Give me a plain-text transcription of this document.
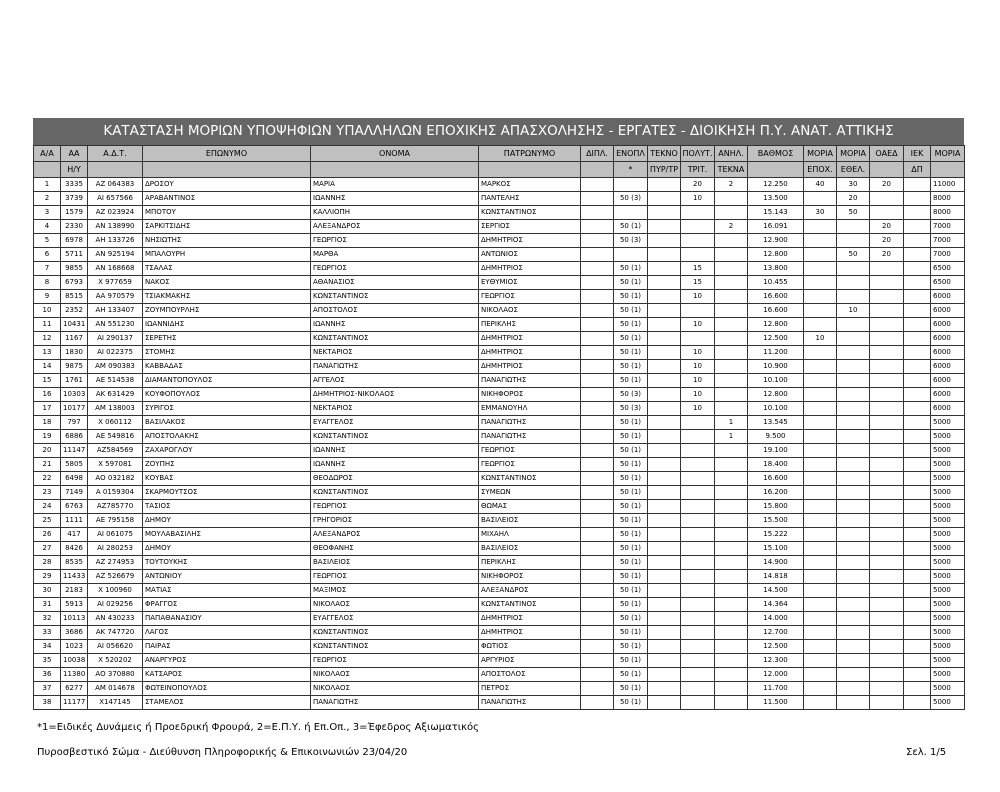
ΚΑΤΑΣΤΑΣΗ ΜΟΡΙΩΝ ΥΠΟΨΗΦΙΩΝ ΥΠΑΛΛΗΛΩΝ ΕΠΟΧΙΚΗΣ ΑΠΑΣΧΟΛΗΣΗΣ - ΕΡΓΑΤΕΣ - ΔΙΟΙΚΗΣΗ Π.Υ. ΑΝΑΤ. ΑΤΤΙΚΗΣ
Α/Α	ΑΑ	Α.Δ.Τ.	ΕΠΩΝΥΜΟ	ΟΝΟΜΑ	ΠΑΤΡΩΝΥΜΟ	ΔΙΠΛ.	ΕΝΟΠΛ	ΤΕΚΝΟ	ΠΟΛΥΤ.	ΑΝΗΛ.	ΒΑΘΜΟΣ	ΜΟΡΙΑ	ΜΟΡΙΑ	ΟΑΕΔ	ΙΕΚ	ΜΟΡΙΑ
	Η/Υ						*	ΠΥΡ/ΤΡ	ΤΡΙΤ.	ΤΕΚΝΑ		ΕΠΟΧ.	ΕΘΕΛ.		ΔΠ	
1	3335	ΑΖ 064383	ΔΡΟΣΟΥ	ΜΑΡΙΑ	ΜΑΡΚΟΣ				20	2	12.250	40	30	20		11000
2	3739	ΑΙ 657566	ΑΡΑΒΑΝΤΙΝΟΣ	ΙΩΑΝΝΗΣ	ΠΑΝΤΕΛΗΣ		50 (3)		10		13.500		20			8000
3	1579	ΑΖ 023924	ΜΠΟΤΟΥ	ΚΑΛΛΙΟΠΗ	ΚΩΝΣΤΑΝΤΙΝΟΣ						15.143	30	50			8000
4	2330	ΑΝ 138990	ΣΑΡΚΙΤΣΙΔΗΣ	ΑΛΕΞΑΝΔΡΟΣ	ΣΕΡΓΙΟΣ		50 (1)			2	16.091			20		7000
5	6978	ΑΗ 133726	ΝΗΣΙΩΤΗΣ	ΓΕΩΡΓΙΟΣ	ΔΗΜΗΤΡΙΟΣ		50 (3)				12.900			20		7000
6	5711	ΑΝ 925194	ΜΠΑΛΟΥΡΗ	ΜΑΡΘΑ	ΑΝΤΩΝΙΟΣ						12.800		50	20		7000
7	9855	ΑΝ 168668	ΤΣΑΛΑΣ	ΓΕΩΡΓΙΟΣ	ΔΗΜΗΤΡΙΟΣ		50 (1)		15		13.800					6500
8	6793	Χ 977659	ΝΑΚΟΣ	ΑΘΑΝΑΣΙΟΣ	ΕΥΘΥΜΙΟΣ		50 (1)		15		10.455					6500
9	8515	ΑΑ 970579	ΤΣΙΑΚΜΑΚΗΣ	ΚΩΝΣΤΑΝΤΙΝΟΣ	ΓΕΩΡΓΙΟΣ		50 (1)		10		16.600					6000
10	2352	ΑΗ 133407	ΖΟΥΜΠΟΥΡΛΗΣ	ΑΠΟΣΤΟΛΟΣ	ΝΙΚΟΛΑΟΣ		50 (1)				16.600		10			6000
11	10431	ΑΝ 551230	ΙΩΑΝΝΙΔΗΣ	ΙΩΑΝΝΗΣ	ΠΕΡΙΚΛΗΣ		50 (1)		10		12.800					6000
12	1167	ΑΙ 290137	ΣΕΡΕΤΗΣ	ΚΩΝΣΤΑΝΤΙΝΟΣ	ΔΗΜΗΤΡΙΟΣ		50 (1)				12.500	10				6000
13	1830	ΑΙ 022375	ΣΤΟΜΗΣ	ΝΕΚΤΑΡΙΟΣ	ΔΗΜΗΤΡΙΟΣ		50 (1)		10		11.200					6000
14	9875	ΑΜ 090383	ΚΑΒΒΑΔΑΣ	ΠΑΝΑΓΙΩΤΗΣ	ΔΗΜΗΤΡΙΟΣ		50 (1)		10		10.900					6000
15	1761	ΑΕ 514538	ΔΙΑΜΑΝΤΟΠΟΥΛΟΣ	ΑΓΓΕΛΟΣ	ΠΑΝΑΓΙΩΤΗΣ		50 (1)		10		10.100					6000
16	10303	ΑΚ 631429	ΚΟΥΦΟΠΟΥΛΟΣ	ΔΗΜΗΤΡΙΟΣ-ΝΙΚΟΛΑΟΣ	ΝΙΚΗΦΟΡΟΣ		50 (3)		10		12.800					6000
17	10177	ΑΜ 138003	ΣΥΡΙΓΟΣ	ΝΕΚΤΑΡΙΟΣ	ΕΜΜΑΝΟΥΗΛ		50 (3)		10		10.100					6000
18	797	Χ 060112	ΒΑΣΙΛΑΚΟΣ	ΕΥΑΓΓΕΛΟΣ	ΠΑΝΑΓΙΩΤΗΣ		50 (1)			1	13.545					5000
19	6886	ΑΕ 549816	ΑΠΟΣΤΟΛΑΚΗΣ	ΚΩΝΣΤΑΝΤΙΝΟΣ	ΠΑΝΑΓΙΩΤΗΣ		50 (1)			1	9.500					5000
20	11147	ΑΖ584569	ΖΑΧΑΡΟΓΛΟΥ	ΙΩΑΝΝΗΣ	ΓΕΩΡΓΙΟΣ		50 (1)				19.100					5000
21	5805	Χ 597081	ΖΟΥΠΗΣ	ΙΩΑΝΝΗΣ	ΓΕΩΡΓΙΟΣ		50 (1)				18.400					5000
22	6498	ΑΟ 032182	ΚΟΥΒΑΣ	ΘΕΟΔΩΡΟΣ	ΚΩΝΣΤΑΝΤΙΝΟΣ		50 (1)				16.600					5000
23	7149	Α 0159304	ΣΚΑΡΜΟΥΤΣΟΣ	ΚΩΝΣΤΑΝΤΙΝΟΣ	ΣΥΜΕΩΝ		50 (1)				16.200					5000
24	6763	ΑΖ785770	ΤΑΣΙΟΣ	ΓΕΩΡΓΙΟΣ	ΘΩΜΑΣ		50 (1)				15.800					5000
25	1111	ΑΕ 795158	ΔΗΜΟΥ	ΓΡΗΓΟΡΙΟΣ	ΒΑΣΙΛΕΙΟΣ		50 (1)				15.500					5000
26	417	ΑΙ 061075	ΜΟΥΛΑΒΑΣΙΛΗΣ	ΑΛΕΞΑΝΔΡΟΣ	ΜΙΧΑΗΛ		50 (1)				15.222					5000
27	8426	ΑΙ 280253	ΔΗΜΟΥ	ΘΕΟΦΑΝΗΣ	ΒΑΣΙΛΕΙΟΣ		50 (1)				15.100					5000
28	8535	ΑΖ 274953	ΤΟΥΤΟΥΚΗΣ	ΒΑΣΙΛΕΙΟΣ	ΠΕΡΙΚΛΗΣ		50 (1)				14.900					5000
29	11433	ΑΖ 526679	ΑΝΤΩΝΙΟΥ	ΓΕΩΡΓΙΟΣ	ΝΙΚΗΦΟΡΟΣ		50 (1)				14.818					5000
30	2183	Χ 100960	ΜΑΤΙΑΣ	ΜΑΞΙΜΟΣ	ΑΛΕΞΑΝΔΡΟΣ		50 (1)				14.500					5000
31	5913	ΑΙ 029256	ΦΡΑΓΓΟΣ	ΝΙΚΟΛΑΟΣ	ΚΩΝΣΤΑΝΤΙΝΟΣ		50 (1)				14.364					5000
32	10113	ΑΝ 430233	ΠΑΠΑΘΑΝΑΣΙΟΥ	ΕΥΑΓΓΕΛΟΣ	ΔΗΜΗΤΡΙΟΣ		50 (1)				14.000					5000
33	3686	ΑΚ 747720	ΛΑΓΟΣ	ΚΩΝΣΤΑΝΤΙΝΟΣ	ΔΗΜΗΤΡΙΟΣ		50 (1)				12.700					5000
34	1023	ΑΙ 056620	ΠΑΙΡΑΣ	ΚΩΝΣΤΑΝΤΙΝΟΣ	ΦΩΤΙΟΣ		50 (1)				12.500					5000
35	10038	Χ 520202	ΑΝΑΡΓΥΡΟΣ	ΓΕΩΡΓΙΟΣ	ΑΡΓΥΡΙΟΣ		50 (1)				12.300					5000
36	11380	ΑΟ 370880	ΚΑΤΣΑΡΟΣ	ΝΙΚΟΛΑΟΣ	ΑΠΟΣΤΟΛΟΣ		50 (1)				12.000					5000
37	6277	ΑΜ 014678	ΦΩΤΕΙΝΟΠΟΥΛΟΣ	ΝΙΚΟΛΑΟΣ	ΠΕΤΡΟΣ		50 (1)				11.700					5000
38	11177	Χ147145	ΣΤΑΜΕΛΟΣ	ΠΑΝΑΓΙΩΤΗΣ	ΠΑΝΑΓΙΩΤΗΣ		50 (1)				11.500					5000
*1=Ειδικές Δυνάμεις ή Προεδρική Φρουρά, 2=Ε.Π.Υ. ή Επ.Οπ., 3=Έφεδρος Αξιωματικός
Πυροσβεστικό Σώμα - Διεύθυνση Πληροφορικής & Επικοινωνιών 23/04/20	Σελ. 1/5
